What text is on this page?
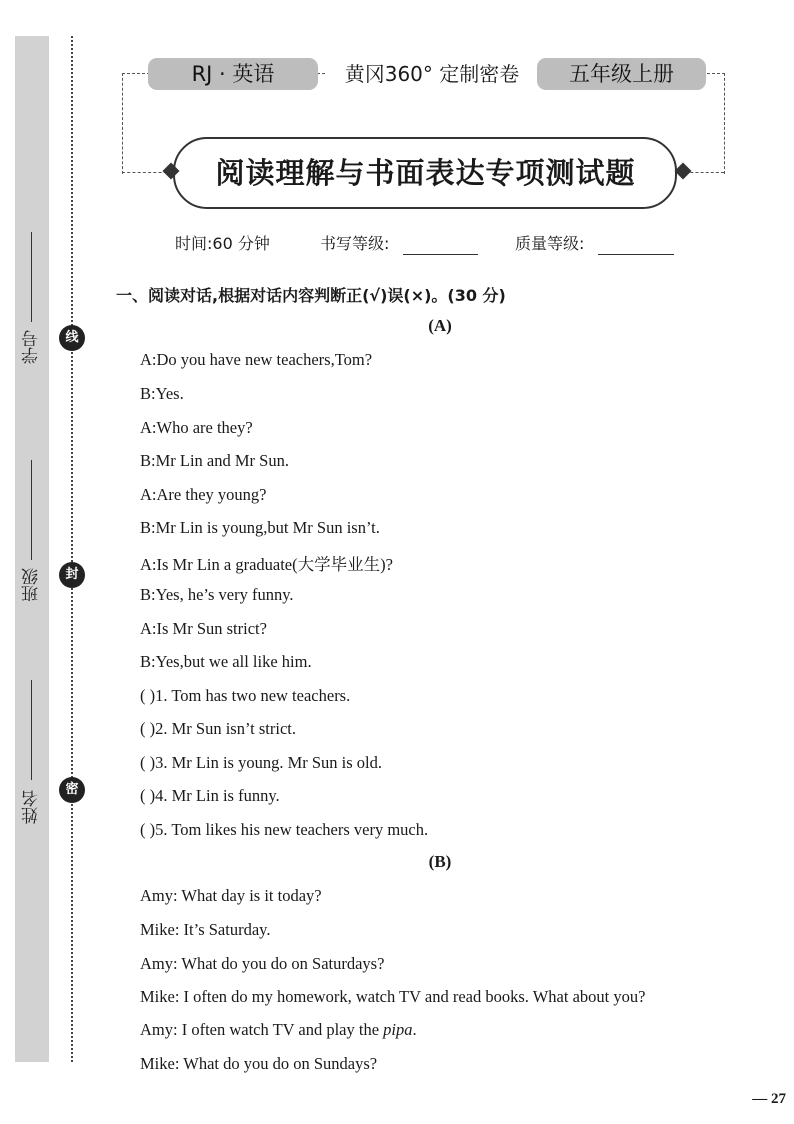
学号
班级
姓名
线
封
密
RJ · 英语	黄冈360° 定制密卷	五年级上册
阅读理解与书面表达专项测试题
时间:60 分钟	书写等级:	质量等级:
一、阅读对话,根据对话内容判断正(√)误(×)。(30 分)
(A)
A:Do you have new teachers,Tom?
B:Yes.
A:Who are they?
B:Mr Lin and Mr Sun.
A:Are they young?
B:Mr Lin is young,but Mr Sun isn’t.
A:Is Mr Lin a graduate(大学毕业生)?
B:Yes, he’s very funny.
A:Is Mr Sun strict?
B:Yes,but we all like him.
( )1. Tom has two new teachers.
( )2. Mr Sun isn’t strict.
( )3. Mr Lin is young. Mr Sun is old.
( )4. Mr Lin is funny.
( )5. Tom likes his new teachers very much.
(B)
Amy: What day is it today?
Mike: It’s Saturday.
Amy: What do you do on Saturdays?
Mike: I often do my homework, watch TV and read books. What about you?
Amy: I often watch TV and play the pipa.
Mike: What do you do on Sundays?
— 27
